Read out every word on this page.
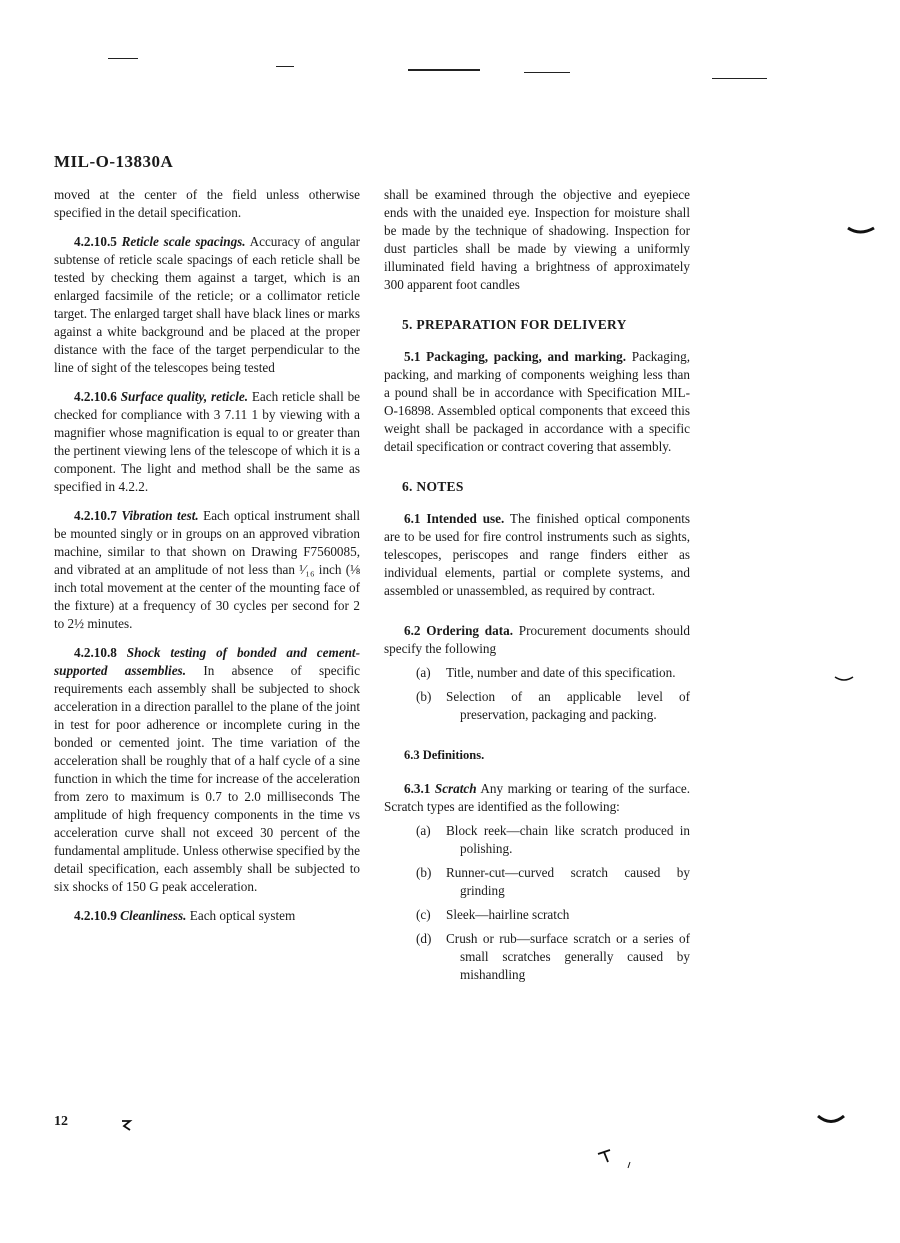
MIL-O-13830A

moved at the center of the field unless otherwise specified in the detail specification.

4.2.10.5 Reticle scale spacings. Accuracy of angular subtense of reticle scale spacings of each reticle shall be tested by checking them against a target, which is an enlarged facsimile of the reticle; or a collimator reticle target. The enlarged target shall have black lines or marks against a white background and be placed at the proper distance with the face of the target perpendicular to the line of sight of the telescopes being tested

4.2.10.6 Surface quality, reticle. Each reticle shall be checked for compliance with 3 7.11 1 by viewing with a magnifier whose magnification is equal to or greater than the pertinent viewing lens of the telescope of which it is a component. The light and method shall be the same as specified in 4.2.2.

4.2.10.7 Vibration test. Each optical instrument shall be mounted singly or in groups on an approved vibration machine, similar to that shown on Drawing F7560085, and vibrated at an amplitude of not less than ¹⁄₁₆ inch (⅛ inch total movement at the center of the mounting face of the fixture) at a frequency of 30 cycles per second for 2 to 2½ minutes.

4.2.10.8 Shock testing of bonded and cement-supported assemblies. In absence of specific requirements each assembly shall be subjected to shock acceleration in a direction parallel to the plane of the joint in test for poor adherence or incomplete curing in the bonded or cemented joint. The time variation of the acceleration shall be roughly that of a half cycle of a sine function in which the time for increase of the acceleration from zero to maximum is 0.7 to 2.0 milliseconds The amplitude of high frequency components in the time vs acceleration curve shall not exceed 30 percent of the fundamental amplitude. Unless otherwise specified by the detail specification, each assembly shall be subjected to six shocks of 150 G peak acceleration.

4.2.10.9 Cleanliness. Each optical system

shall be examined through the objective and eyepiece ends with the unaided eye. Inspection for moisture shall be made by the technique of shadowing. Inspection for dust particles shall be made by viewing a uniformly illuminated field having a brightness of approximately 300 apparent foot candles

5. PREPARATION FOR DELIVERY

5.1 Packaging, packing, and marking. Packaging, packing, and marking of components weighing less than a pound shall be in accordance with Specification MIL-O-16898. Assembled optical components that exceed this weight shall be packaged in accordance with a specific detail specification or contract covering that assembly.

6. NOTES

6.1 Intended use. The finished optical components are to be used for fire control instruments such as sights, telescopes, periscopes and range finders either as individual elements, partial or complete systems, and assembled or unassembled, as required by contract.

6.2 Ordering data. Procurement documents should specify the following

(a)	Title, number and date of this specification.
(b)	Selection of an applicable level of preservation, packaging and packing.

6.3 Definitions.

6.3.1 Scratch Any marking or tearing of the surface. Scratch types are identified as the following:

(a)	Block reek—chain like scratch produced in polishing.
(b)	Runner-cut—curved scratch caused by grinding
(c)	Sleek—hairline scratch
(d)	Crush or rub—surface scratch or a series of small scratches generally caused by mishandling
12
